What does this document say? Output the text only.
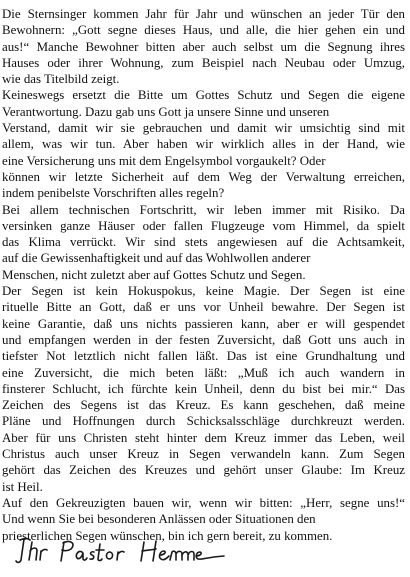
Die Sternsinger kommen Jahr für Jahr und wünschen an jeder Tür den
Bewohnern: „Gott segne dieses Haus, und alle, die hier gehen ein und
aus!“ Manche Bewohner bitten aber auch selbst um die Segnung ihres
Hauses oder ihrer Wohnung, zum Beispiel nach Neubau oder Umzug,
wie das Titelbild zeigt.
Keineswegs ersetzt die Bitte um Gottes Schutz und Segen die eigene
Verantwortung. Dazu gab uns Gott ja unsere Sinne und unseren
Verstand, damit wir sie gebrauchen und damit wir umsichtig sind mit
allem, was wir tun. Aber haben wir wirklich alles in der Hand, wie
eine Versicherung uns mit dem Engelsymbol vorgaukelt? Oder
können wir letzte Sicherheit auf dem Weg der Verwaltung erreichen,
indem penibelste Vorschriften alles regeln?
Bei allem technischen Fortschritt, wir leben immer mit Risiko. Da
versinken ganze Häuser oder fallen Flugzeuge vom Himmel, da spielt
das Klima verrückt. Wir sind stets angewiesen auf die Achtsamkeit,
auf die Gewissenhaftigkeit und auf das Wohlwollen anderer
Menschen, nicht zuletzt aber auf Gottes Schutz und Segen.
Der Segen ist kein Hokuspokus, keine Magie. Der Segen ist eine
rituelle Bitte an Gott, daß er uns vor Unheil bewahre. Der Segen ist
keine Garantie, daß uns nichts passieren kann, aber er will gespendet
und empfangen werden in der festen Zuversicht, daß Gott uns auch in
tiefster Not letztlich nicht fallen läßt. Das ist eine Grundhaltung und
eine Zuversicht, die mich beten läßt: „Muß ich auch wandern in
finsterer Schlucht, ich fürchte kein Unheil, denn du bist bei mir.“ Das
Zeichen des Segens ist das Kreuz. Es kann geschehen, daß meine
Pläne und Hoffnungen durch Schicksalsschläge durchkreuzt werden.
Aber für uns Christen steht hinter dem Kreuz immer das Leben, weil
Christus auch unser Kreuz in Segen verwandeln kann. Zum Segen
gehört das Zeichen des Kreuzes und gehört unser Glaube: Im Kreuz
ist Heil.
Auf den Gekreuzigten bauen wir, wenn wir bitten: „Herr, segne uns!“
Und wenn Sie bei besonderen Anlässen oder Situationen den
priesterlichen Segen wünschen, bin ich gern bereit, zu kommen.
